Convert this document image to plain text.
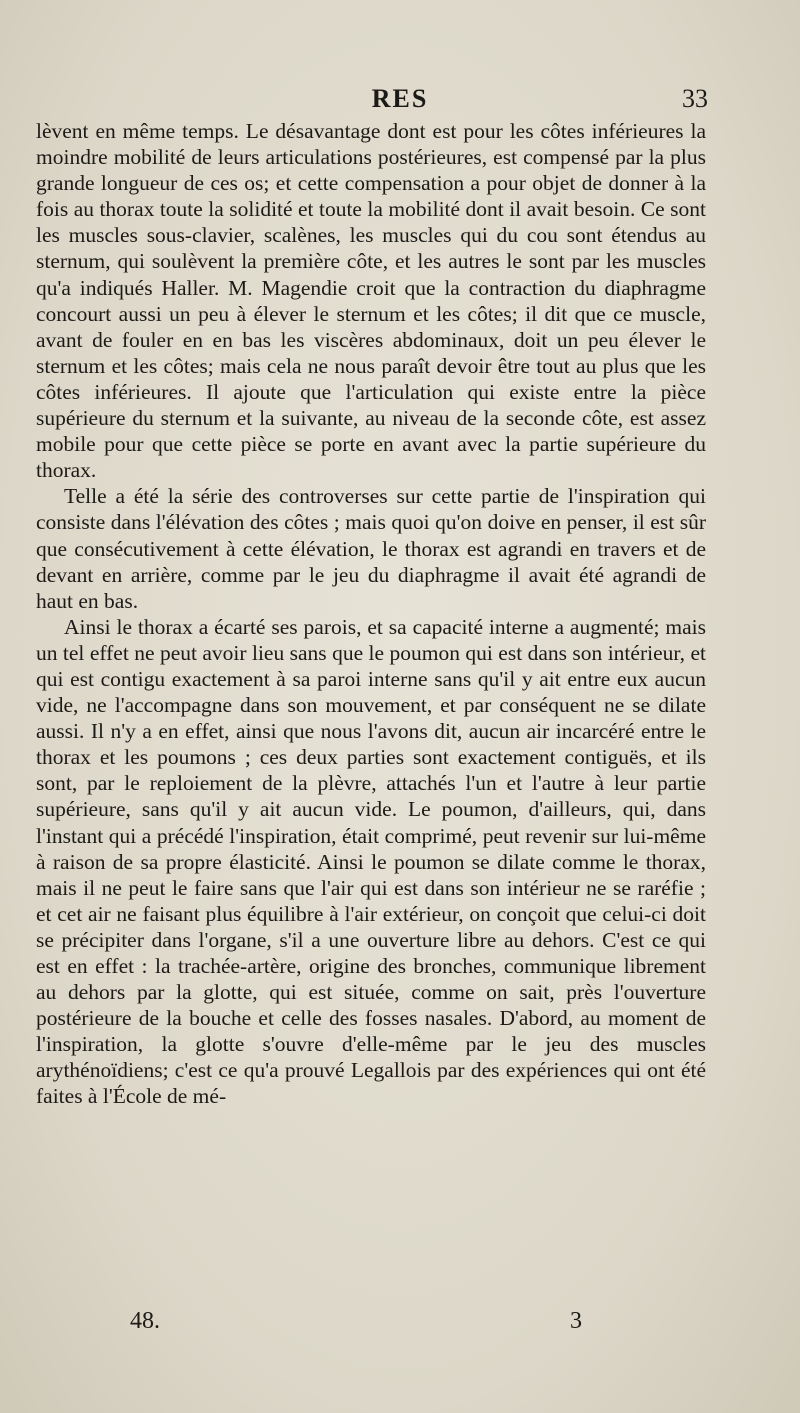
RES	33

lèvent en même temps. Le désavantage dont est pour les côtes inférieures la moindre mobilité de leurs articulations postérieures, est compensé par la plus grande longueur de ces os; et cette compensation a pour objet de donner à la fois au thorax toute la solidité et toute la mobilité dont il avait besoin. Ce sont les muscles sous-clavier, scalènes, les muscles qui du cou sont étendus au sternum, qui soulèvent la première côte, et les autres le sont par les muscles qu'a indiqués Haller. M. Magendie croit que la contraction du diaphragme concourt aussi un peu à élever le sternum et les côtes; il dit que ce muscle, avant de fouler en en bas les viscères abdominaux, doit un peu élever le sternum et les côtes; mais cela ne nous paraît devoir être tout au plus que les côtes inférieures. Il ajoute que l'articulation qui existe entre la pièce supérieure du sternum et la suivante, au niveau de la seconde côte, est assez mobile pour que cette pièce se porte en avant avec la partie supérieure du thorax.

Telle a été la série des controverses sur cette partie de l'inspiration qui consiste dans l'élévation des côtes ; mais quoi qu'on doive en penser, il est sûr que consécutivement à cette élévation, le thorax est agrandi en travers et de devant en arrière, comme par le jeu du diaphragme il avait été agrandi de haut en bas.

Ainsi le thorax a écarté ses parois, et sa capacité interne a augmenté; mais un tel effet ne peut avoir lieu sans que le poumon qui est dans son intérieur, et qui est contigu exactement à sa paroi interne sans qu'il y ait entre eux aucun vide, ne l'accompagne dans son mouvement, et par conséquent ne se dilate aussi. Il n'y a en effet, ainsi que nous l'avons dit, aucun air incarcéré entre le thorax et les poumons ; ces deux parties sont exactement contiguës, et ils sont, par le reploiement de la plèvre, attachés l'un et l'autre à leur partie supérieure, sans qu'il y ait aucun vide. Le poumon, d'ailleurs, qui, dans l'instant qui a précédé l'inspiration, était comprimé, peut revenir sur lui-même à raison de sa propre élasticité. Ainsi le poumon se dilate comme le thorax, mais il ne peut le faire sans que l'air qui est dans son intérieur ne se raréfie ; et cet air ne faisant plus équilibre à l'air extérieur, on conçoit que celui-ci doit se précipiter dans l'organe, s'il a une ouverture libre au dehors. C'est ce qui est en effet : la trachée-artère, origine des bronches, communique librement au dehors par la glotte, qui est située, comme on sait, près l'ouverture postérieure de la bouche et celle des fosses nasales. D'abord, au moment de l'inspiration, la glotte s'ouvre d'elle-même par le jeu des muscles arythénoïdiens; c'est ce qu'a prouvé Legallois par des expériences qui ont été faites à l'École de mé-

48.	3
